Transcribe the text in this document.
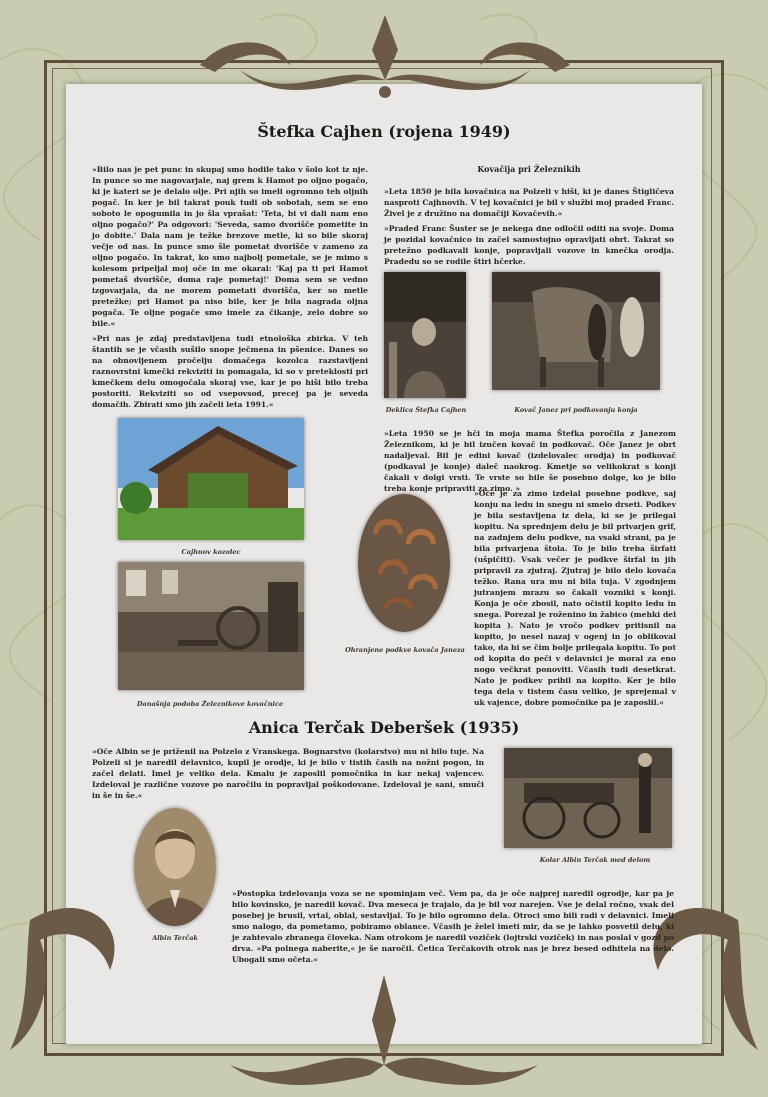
Štefka Cajhen (rojena 1949)

»Bilo nas je pet punc in skupaj smo hodile tako v šolo kot iz nje. In punce so me nagovarjale, naj grem k Hamot po oljno pogačo, ki je kateri se je delalo olje. Pri njih so imeli ogromno teh oljnih pogač. In ker je bil takrat pouk tudi ob sobotah, sem se eno soboto le opogumila in jo šla vprašat: 'Teta, bi vi dali nam eno oljno pogačo?' Pa odgovori: 'Seveda, samo dvorišče pometite in jo dobite.' Dala nam je težke brezove metle, ki so bile skoraj večje od nas. In punce smo šle pometat dvorišče v zameno za oljno pogačo. In takrat, ko smo najbolj pometale, se je mimo s kolesom pripeljal moj oče in me okaral: 'Kaj pa ti pri Hamot pometaš dvorišče, doma raje pometaj!' Doma sem se vedno izgovarjala, da ne morem pometati dvorišča, ker so metle pretežke; pri Hamot pa niso bile, ker je bila nagrada oljna pogača. Te oljne pogače smo imele za čikanje, zelo dobre so bile.«

»Pri nas je zdaj predstavljena tudi etnološka zbirka. V teh štantih se je včasih sušilo snope ječmena in pšenice. Danes so na obnovljenem pročelju domačega kozolca razstavljeni raznovrstni kmečki rekviziti in pomagala, ki so v preteklosti pri kmečkem delu omogočala skoraj vse, kar je po hiši bilo treba postoriti. Rekviziti so od vsepovsod, precej pa je seveda domačih. Zbirati smo jih začeli leta 1991.«

Kovačija pri Železnikih

»Leta 1850 je bila kovačnica na Polzeli v hiši, ki je danes Štigličeva nasproti Cajhnovih. V tej kovačnici je bil v službi moj praded Franc. Živel je z družino na domačiji Kovačevih.«

»Praded Franc Šuster se je nekega dne odločil oditi na svoje. Doma je pozidal kovačnico in začel samostojno opravljati obrt. Takrat so pretežno podkavali konje, popravljali vozove in kmečka orodja. Pradedu so se rodile štiri hčerke.

Deklica Štefka Cajhen	Kovač Janez pri podkovanju konja
Cajhnov kozolec

»Leta 1950 se je hči in moja mama Štefka poročila z Janezom Železnikom, ki je bil izučen kovač in podkovač. Oče Janez je obrt nadaljeval. Bil je edini kovač (izdelovalec orodja) in podkovač (podkaval je konje) daleč naokrog. Kmetje so velikokrat s konji čakali v dolgi vrsti. Te vrste so bile še posebno dolge, ko je bilo treba konje pripraviti za zimo. »

Ohranjene podkve kovača Janeza

»Oče je za zimo izdelal posebne podkve, saj konju na ledu in snegu ni smelo drseti. Podkev je bila sestavljena iz dela, ki se je prilegal kopitu. Na sprednjem delu je bil privarjen grif, na zadnjem delu podkve, na vsaki strani, pa je bila privarjena štola. To je bilo treba širfati (ušpičiti). Vsak večer je podkve širfal in jih pripravil za zjutraj. Zjutraj je bilo delo kovača težko. Rana ura mu ni bila tuja. V zgodnjem jutranjem mrazu so čakali vozniki s konji. Konja je oče zbosil, nato očistil kopito ledu in snega. Porezal je roženino in žabico (mehki del kopita ). Nato je vročo podkev pritisnil na kopito, jo nesel nazaj v ogenj in jo oblikoval tako, da bi se čim bolje prilegala kopitu. To pot od kopita do peči v delavnici je moral za eno nogo večkrat ponoviti. Včasih tudi desetkrat. Nato je podkev pribil na kopito. Ker je bilo tega dela v tistem času veliko, je sprejemal v uk vajence, dobre pomočnike pa je zaposlil.«

Današnja podoba Železnikove kovačnice
Anica Terčak Deberšek (1935)

»Oče Albin se je priženil na Polzelo z Vranskega. Bognarstvo (kolarstvo) mu ni bilo tuje. Na Polzeli si je naredil delavnico, kupil je orodje, ki je bilo v tistih časih na nožni pogon, in začel delati. Imel je veliko dela. Kmalu je zaposlil pomočnika in kar nekaj vajencev. Izdeloval je različne vozove po naročilu in popravljal poškodovane. Izdeloval je sani, smuči in še in še.«

Kolar Albin Terčak med delom
Albin Terčak

»Postopka izdelovanja voza se ne spominjam več. Vem pa, da je oče najprej naredil ogrodje, kar pa je bilo kovinsko, je naredil kovač. Dva meseca je trajalo, da je bil voz narejen. Vse je delal ročno, vsak del posebej je brusil, vrtal, oblal, sestavljal. To je bilo ogromno dela. Otroci smo bili radi v delavnici. Imeli smo nalogo, da pometamo, pobiramo oblance. Včasih je želel imeti mir, da se je lahko posvetil delu, ki je zahtevalo zbranega človeka. Nam otrokom je naredil voziček (lojtrski voziček) in nas poslal v gozd po drva. »Pa polnega naberite,« je še naročil. Četica Terčakovih otrok nas je brez besed odhitela na delo. Ubogali smo očeta.«
